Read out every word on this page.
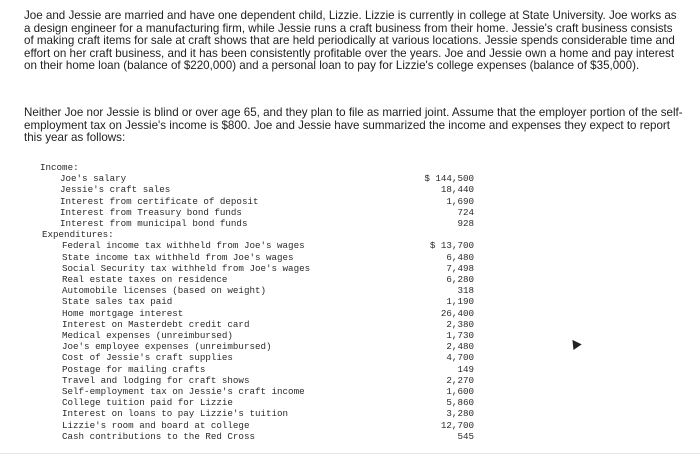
Joe and Jessie are married and have one dependent child, Lizzie. Lizzie is currently in college at State University. Joe works as a design engineer for a manufacturing firm, while Jessie runs a craft business from their home. Jessie's craft business consists of making craft items for sale at craft shows that are held periodically at various locations. Jessie spends considerable time and effort on her craft business, and it has been consistently profitable over the years. Joe and Jessie own a home and pay interest on their home loan (balance of $220,000) and a personal loan to pay for Lizzie's college expenses (balance of $35,000).

Neither Joe nor Jessie is blind or over age 65, and they plan to file as married joint. Assume that the employer portion of the self-employment tax on Jessie's income is $800. Joe and Jessie have summarized the income and expenses they expect to report this year as follows:

Income:
Joe's salary	$ 144,500
Jessie's craft sales	18,440
Interest from certificate of deposit	1,690
Interest from Treasury bond funds	724
Interest from municipal bond funds	928
Expenditures:
Federal income tax withheld from Joe's wages	$ 13,700
State income tax withheld from Joe's wages	6,480
Social Security tax withheld from Joe's wages	7,498
Real estate taxes on residence	6,280
Automobile licenses (based on weight)	318
State sales tax paid	1,190
Home mortgage interest	26,400
Interest on Masterdebt credit card	2,380
Medical expenses (unreimbursed)	1,730
Joe's employee expenses (unreimbursed)	2,480
Cost of Jessie's craft supplies	4,700
Postage for mailing crafts	149
Travel and lodging for craft shows	2,270
Self-employment tax on Jessie's craft income	1,600
College tuition paid for Lizzie	5,860
Interest on loans to pay Lizzie's tuition	3,280
Lizzie's room and board at college	12,700
Cash contributions to the Red Cross	545
